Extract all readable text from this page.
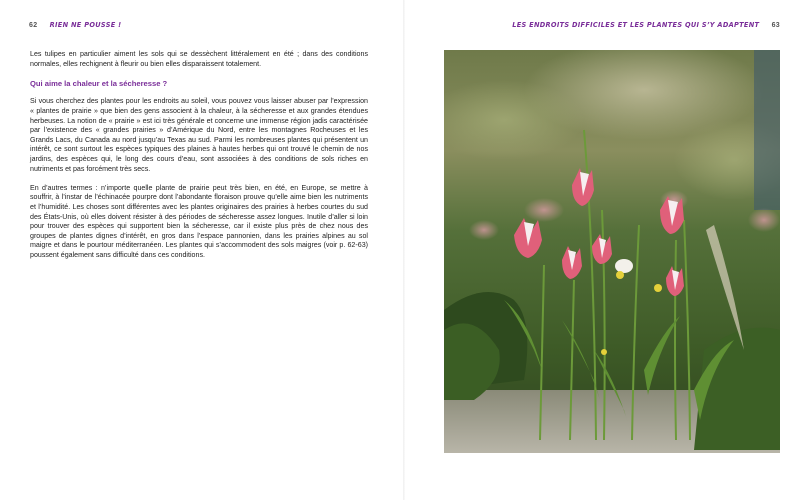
62 RIEN NE POUSSE !

Les tulipes en particulier aiment les sols qui se dessèchent littéralement en été ; dans des conditions normales, elles rechignent à fleurir ou bien elles disparaissent totalement.

Qui aime la chaleur et la sécheresse ?

Si vous cherchez des plantes pour les endroits au soleil, vous pouvez vous laisser abuser par l’expression « plantes de prairie » que bien des gens associent à la chaleur, à la sécheresse et aux grandes étendues herbeuses. La notion de « prairie » est ici très générale et concerne une immense région jadis caractérisée par l’existence des « grandes prairies » d’Amérique du Nord, entre les montagnes Rocheuses et les Grands Lacs, du Canada au nord jusqu’au Texas au sud. Parmi les nombreuses plantes qui présentent un intérêt, ce sont surtout les espèces typiques des plaines à hautes herbes qui ont trouvé le chemin de nos jardins, des espèces qui, le long des cours d’eau, sont associées à des conditions de sols riches en nutriments et pas forcément très secs.

En d’autres termes : n’importe quelle plante de prairie peut très bien, en été, en Europe, se mettre à souffrir, à l’instar de l’échinacée pourpre dont l’abondante floraison prouve qu’elle aime bien les nutriments et l’humidité. Les choses sont différentes avec les plantes originaires des prairies à herbes courtes du sud des États-Unis, où elles doivent résister à des périodes de sécheresse assez longues. Inutile d’aller si loin pour trouver des espèces qui supportent bien la sécheresse, car il existe plus près de chez nous des groupes de plantes dignes d’intérêt, en gros dans l’espace pannonien, dans les prairies alpines au sol maigre et dans le pourtour méditerranéen. Les plantes qui s’accommodent des sols maigres (voir p. 62-63) poussent également sans difficulté dans ces conditions.

LES ENDROITS DIFFICILES ET LES PLANTES QUI S’Y ADAPTENT 63
